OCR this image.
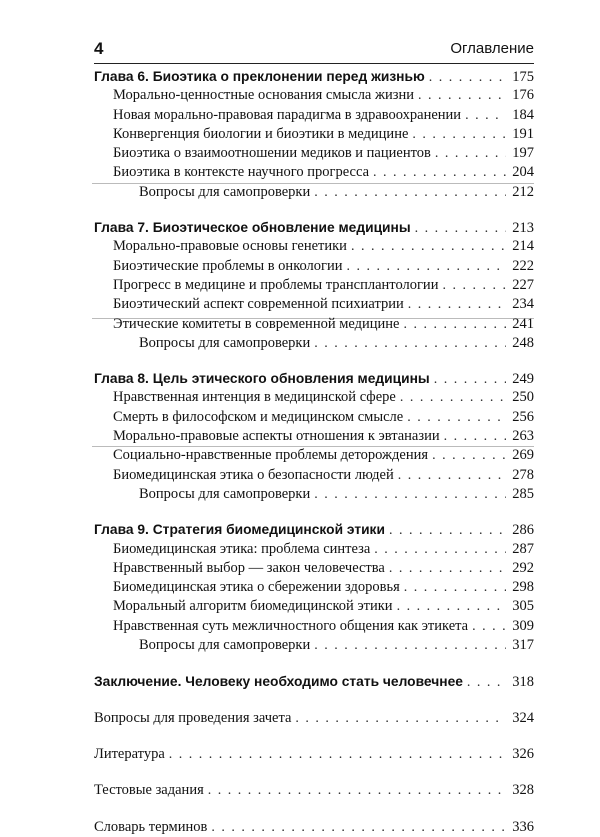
4	Оглавление
Глава 6. Биоэтика о преклонении перед жизнью . . .	175
Морально-ценностные основания смысла жизни . . .	176
Новая морально-правовая парадигма в здравоохранении . . .	184
Конвергенция биологии и биоэтики в медицине . . .	191
Биоэтика о взаимоотношении медиков и пациентов . . .	197
Биоэтика в контексте научного прогресса . . .	204
Вопросы для самопроверки . . .	212
Глава 7. Биоэтическое обновление медицины . . .	213
Морально-правовые основы генетики . . .	214
Биоэтические проблемы в онкологии . . .	222
Прогресс в медицине и проблемы трансплантологии . . .	227
Биоэтический аспект современной психиатрии . . .	234
Этические комитеты в современной медицине . . .	241
Вопросы для самопроверки . . .	248
Глава 8. Цель этического обновления медицины . . .	249
Нравственная интенция в медицинской сфере . . .	250
Смерть в философском и медицинском смысле . . .	256
Морально-правовые аспекты отношения к эвтаназии . . .	263
Социально-нравственные проблемы деторождения . . .	269
Биомедицинская этика о безопасности людей . . .	278
Вопросы для самопроверки . . .	285
Глава 9. Стратегия биомедицинской этики . . .	286
Биомедицинская этика: проблема синтеза . . .	287
Нравственный выбор — закон человечества . . .	292
Биомедицинская этика о сбережении здоровья . . .	298
Моральный алгоритм биомедицинской этики . . .	305
Нравственная суть межличностного общения как этикета . . .	309
Вопросы для самопроверки . . .	317
Заключение. Человеку необходимо стать человечнее . . .	318
Вопросы для проведения зачета . . .	324
Литература . . .	326
Тестовые задания . . .	328
Словарь терминов . . .	336
